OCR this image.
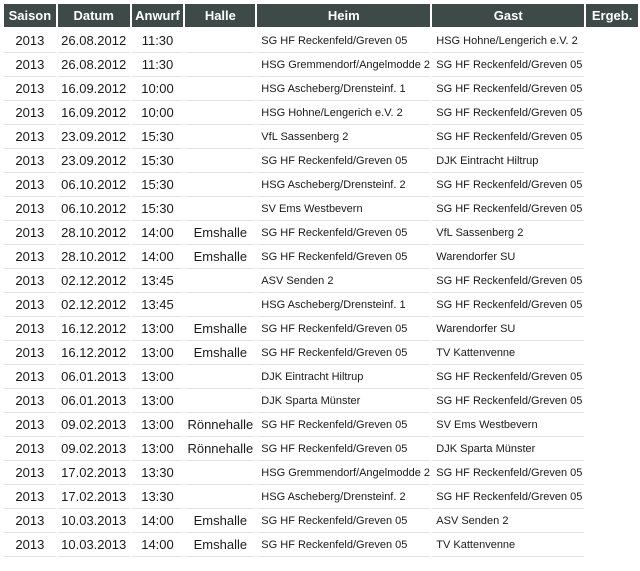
Saison	Datum	Anwurf	Halle	Heim	Gast	Ergeb.
2013	26.08.2012	11:30		SG HF Reckenfeld/Greven 05	HSG Hohne/Lengerich e.V. 2	
2013	26.08.2012	11:30		HSG Gremmendorf/Angelmodde 2	SG HF Reckenfeld/Greven 05	
2013	16.09.2012	10:00		HSG Ascheberg/Drensteinf. 1	SG HF Reckenfeld/Greven 05	
2013	16.09.2012	10:00		HSG Hohne/Lengerich e.V. 2	SG HF Reckenfeld/Greven 05	
2013	23.09.2012	15:30		VfL Sassenberg 2	SG HF Reckenfeld/Greven 05	
2013	23.09.2012	15:30		SG HF Reckenfeld/Greven 05	DJK Eintracht Hiltrup	
2013	06.10.2012	15:30		HSG Ascheberg/Drensteinf. 2	SG HF Reckenfeld/Greven 05	
2013	06.10.2012	15:30		SV Ems Westbevern	SG HF Reckenfeld/Greven 05	
2013	28.10.2012	14:00	Emshalle	SG HF Reckenfeld/Greven 05	VfL Sassenberg 2	
2013	28.10.2012	14:00	Emshalle	SG HF Reckenfeld/Greven 05	Warendorfer SU	
2013	02.12.2012	13:45		ASV Senden 2	SG HF Reckenfeld/Greven 05	
2013	02.12.2012	13:45		HSG Ascheberg/Drensteinf. 1	SG HF Reckenfeld/Greven 05	
2013	16.12.2012	13:00	Emshalle	SG HF Reckenfeld/Greven 05	Warendorfer SU	
2013	16.12.2012	13:00	Emshalle	SG HF Reckenfeld/Greven 05	TV Kattenvenne	
2013	06.01.2013	13:00		DJK Eintracht Hiltrup	SG HF Reckenfeld/Greven 05	
2013	06.01.2013	13:00		DJK Sparta Münster	SG HF Reckenfeld/Greven 05	
2013	09.02.2013	13:00	Rönnehalle	SG HF Reckenfeld/Greven 05	SV Ems Westbevern	
2013	09.02.2013	13:00	Rönnehalle	SG HF Reckenfeld/Greven 05	DJK Sparta Münster	
2013	17.02.2013	13:30		HSG Gremmendorf/Angelmodde 2	SG HF Reckenfeld/Greven 05	
2013	17.02.2013	13:30		HSG Ascheberg/Drensteinf. 2	SG HF Reckenfeld/Greven 05	
2013	10.03.2013	14:00	Emshalle	SG HF Reckenfeld/Greven 05	ASV Senden 2	
2013	10.03.2013	14:00	Emshalle	SG HF Reckenfeld/Greven 05	TV Kattenvenne	
